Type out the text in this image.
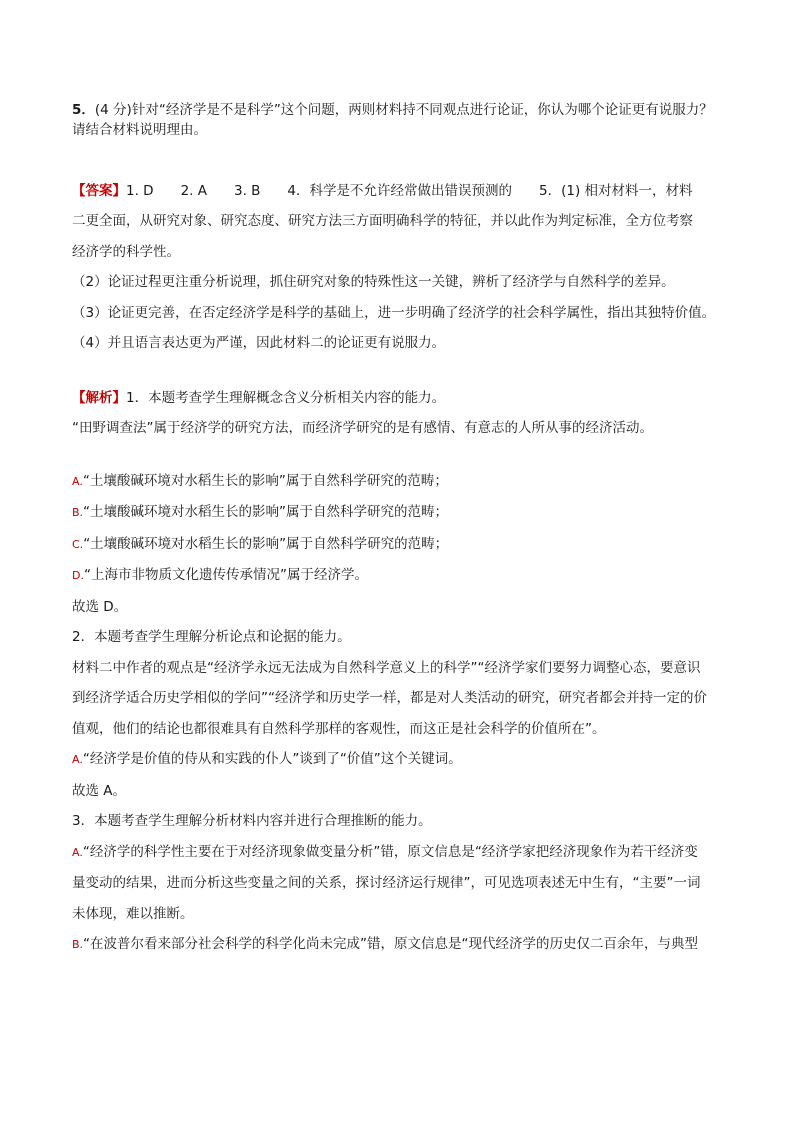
5．(4 分)针对“经济学是不是科学”这个问题，两则材料持不同观点进行论证，你认为哪个论证更有说服力？

请结合材料说明理由。

【答案】1. D　　2. A　　3. B　　4．科学是不允许经常做出错误预测的　　5．(1) 相对材料一，材料

二更全面，从研究对象、研究态度、研究方法三方面明确科学的特征，并以此作为判定标准，全方位考察

经济学的科学性。

（2）论证过程更注重分析说理，抓住研究对象的特殊性这一关键，辨析了经济学与自然科学的差异。

（3）论证更完善，在否定经济学是科学的基础上，进一步明确了经济学的社会科学属性，指出其独特价值。

（4）并且语言表达更为严谨，因此材料二的论证更有说服力。

【解析】1．本题考查学生理解概念含义分析相关内容的能力。

“田野调查法”属于经济学的研究方法，而经济学研究的是有感情、有意志的人所从事的经济活动。

A.“土壤酸碱环境对水稻生长的影响”属于自然科学研究的范畴；

B.“土壤酸碱环境对水稻生长的影响”属于自然科学研究的范畴；

C.“土壤酸碱环境对水稻生长的影响”属于自然科学研究的范畴；

D.“上海市非物质文化遗传传承情况”属于经济学。

故选 D。

2．本题考查学生理解分析论点和论据的能力。

材料二中作者的观点是“经济学永远无法成为自然科学意义上的科学”“经济学家们要努力调整心态，要意识

到经济学适合历史学相似的学问”“经济学和历史学一样，都是对人类活动的研究，研究者都会并持一定的价

值观，他们的结论也都很难具有自然科学那样的客观性，而这正是社会科学的价值所在”。

A.“经济学是价值的侍从和实践的仆人”谈到了“价值”这个关键词。

故选 A。

3．本题考查学生理解分析材料内容并进行合理推断的能力。

A.“经济学的科学性主要在于对经济现象做变量分析”错，原文信息是“经济学家把经济现象作为若干经济变

量变动的结果，进而分析这些变量之间的关系，探讨经济运行规律”，可见选项表述无中生有，“主要”一词

未体现，难以推断。

B.“在波普尔看来部分社会科学的科学化尚未完成”错，原文信息是“现代经济学的历史仅二百余年，与典型
